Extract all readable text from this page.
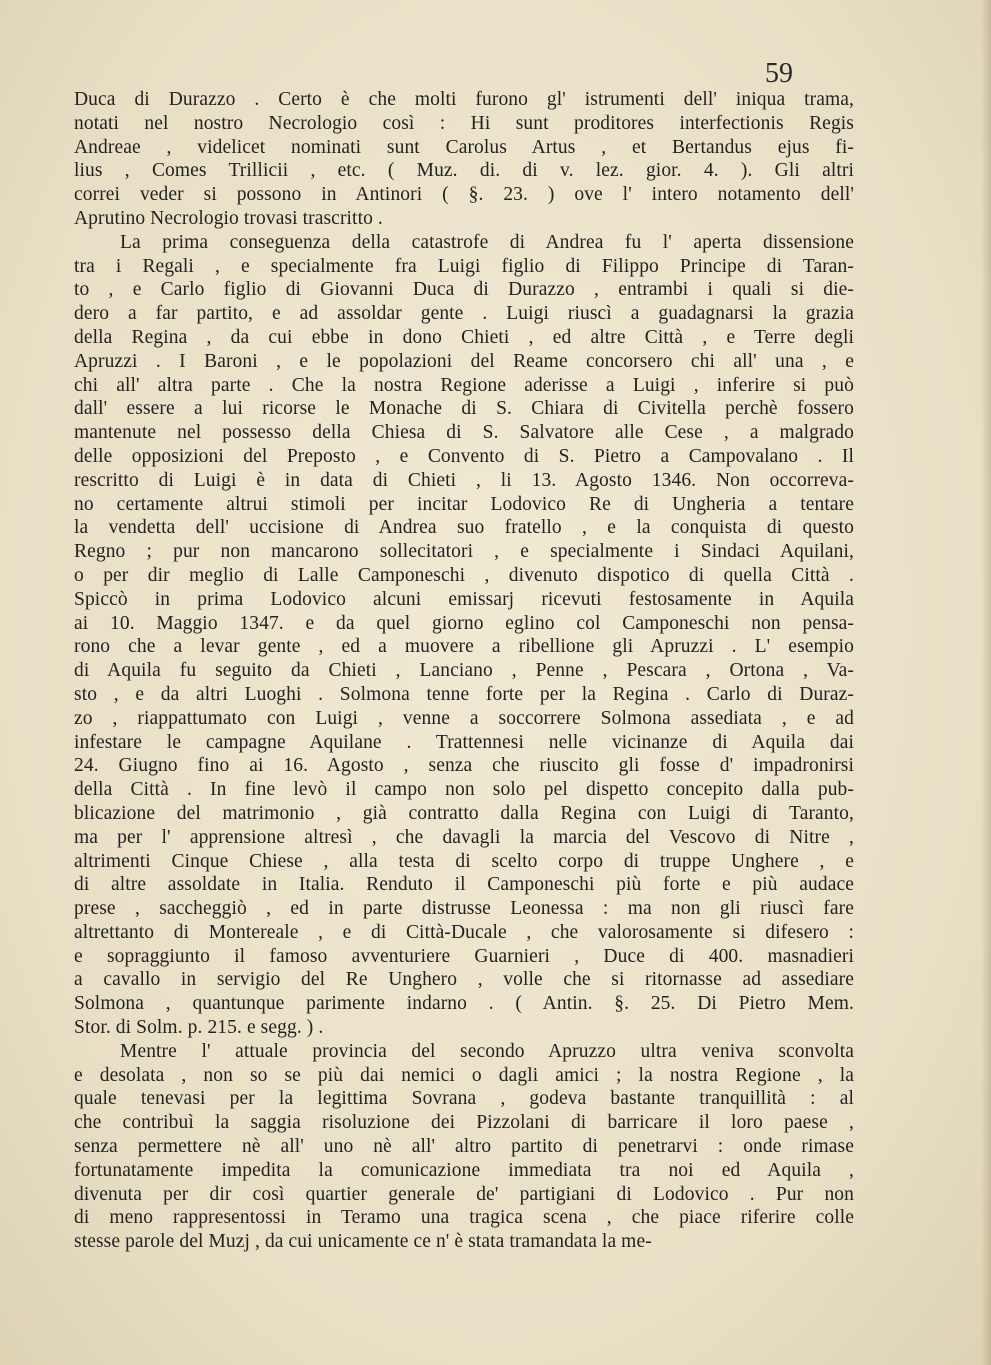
59
Duca di Durazzo . Certo è che molti furono gl' istrumenti dell' iniqua trama,
notati nel nostro Necrologio così : Hi sunt proditores interfectionis Regis
Andreae , videlicet nominati sunt Carolus Artus , et Bertandus ejus fi-
lius , Comes Trillicii , etc. ( Muz. di. di v. lez. gior. 4. ). Gli altri
correi veder si possono in Antinori ( §. 23. ) ove l' intero notamento dell'
Aprutino Necrologio trovasi trascritto .
La prima conseguenza della catastrofe di Andrea fu l' aperta dissensione
tra i Regali , e specialmente fra Luigi figlio di Filippo Principe di Taran-
to , e Carlo figlio di Giovanni Duca di Durazzo , entrambi i quali si die-
dero a far partito, e ad assoldar gente . Luigi riuscì a guadagnarsi la grazia
della Regina , da cui ebbe in dono Chieti , ed altre Città , e Terre degli
Apruzzi . I Baroni , e le popolazioni del Reame concorsero chi all' una , e
chi all' altra parte . Che la nostra Regione aderisse a Luigi , inferire si può
dall' essere a lui ricorse le Monache di S. Chiara di Civitella perchè fossero
mantenute nel possesso della Chiesa di S. Salvatore alle Cese , a malgrado
delle opposizioni del Preposto , e Convento di S. Pietro a Campovalano . Il
rescritto di Luigi è in data di Chieti , li 13. Agosto 1346. Non occorreva-
no certamente altrui stimoli per incitar Lodovico Re di Ungheria a tentare
la vendetta dell' uccisione di Andrea suo fratello , e la conquista di questo
Regno ; pur non mancarono sollecitatori , e specialmente i Sindaci Aquilani,
o per dir meglio di Lalle Camponeschi , divenuto dispotico di quella Città .
Spiccò in prima Lodovico alcuni emissarj ricevuti festosamente in Aquila
ai 10. Maggio 1347. e da quel giorno eglino col Camponeschi non pensa-
rono che a levar gente , ed a muovere a ribellione gli Apruzzi . L' esempio
di Aquila fu seguito da Chieti , Lanciano , Penne , Pescara , Ortona , Va-
sto , e da altri Luoghi . Solmona tenne forte per la Regina . Carlo di Duraz-
zo , riappattumato con Luigi , venne a soccorrere Solmona assediata , e ad
infestare le campagne Aquilane . Trattennesi nelle vicinanze di Aquila dai
24. Giugno fino ai 16. Agosto , senza che riuscito gli fosse d' impadronirsi
della Città . In fine levò il campo non solo pel dispetto concepito dalla pub-
blicazione del matrimonio , già contratto dalla Regina con Luigi di Taranto,
ma per l' apprensione altresì , che davagli la marcia del Vescovo di Nitre ,
altrimenti Cinque Chiese , alla testa di scelto corpo di truppe Unghere , e
di altre assoldate in Italia. Renduto il Camponeschi più forte e più audace
prese , saccheggiò , ed in parte distrusse Leonessa : ma non gli riuscì fare
altrettanto di Montereale , e di Città-Ducale , che valorosamente si difesero :
e sopraggiunto il famoso avventuriere Guarnieri , Duce di 400. masnadieri
a cavallo in servigio del Re Unghero , volle che si ritornasse ad assediare
Solmona , quantunque parimente indarno . ( Antin. §. 25. Di Pietro Mem.
Stor. di Solm. p. 215. e segg. ) .
Mentre l' attuale provincia del secondo Apruzzo ultra veniva sconvolta
e desolata , non so se più dai nemici o dagli amici ; la nostra Regione , la
quale tenevasi per la legittima Sovrana , godeva bastante tranquillità : al
che contribuì la saggia risoluzione dei Pizzolani di barricare il loro paese ,
senza permettere nè all' uno nè all' altro partito di penetrarvi : onde rimase
fortunatamente impedita la comunicazione immediata tra noi ed Aquila ,
divenuta per dir così quartier generale de' partigiani di Lodovico . Pur non
di meno rappresentossi in Teramo una tragica scena , che piace riferire colle
stesse parole del Muzj , da cui unicamente ce n' è stata tramandata la me-
